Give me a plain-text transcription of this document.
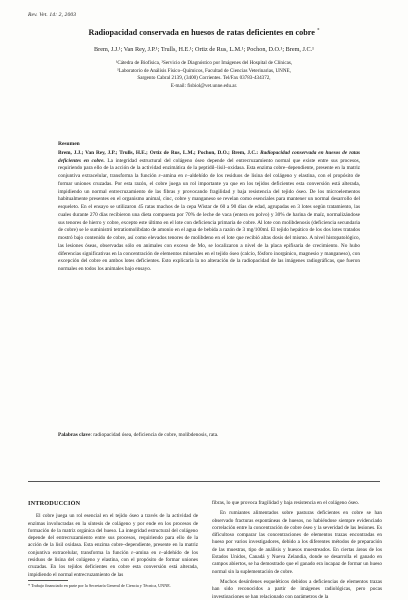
Rev. Vet. 14: 2, 2003
Radiopacidad conservada en huesos de ratas deficientes en cobre *
Brem, J.J.¹; Van Rey, J.P.¹; Trulls, H.E.¹; Ortiz de Rus, L.M.¹; Pochon, D.O.¹; Brem, J.C.¹
¹Cátedra de Biofísica, ²Servicio de Diagnóstico por Imágenes del Hospital de Clínicas,
³Laboratorio de Análisis Físico–Químicos, Facultad de Ciencias Veterinarias, UNNE,
Sargento Cabral 2139, (3400) Corrientes. Tel/Fax 03783-434372,
E-mail: fisbiol@vet.unne.edu.ar.
Resumen
Brem, J.J.; Van Rey, J.P.; Trulls, H.E.; Ortiz de Rus, L.M.; Pochon, D.O.; Brem, J.C.: Radiopacidad conservada en huesos de ratas deficientes en cobre. La integridad estructural del colágeno óseo depende del entrecruzamiento normal que existe entre sus procesos, requiriendo para ello de la acción de la actividad enzimática de la peptidil–lisil–oxidasa. Esta enzima cobre–dependiente, presente en la matriz conjuntiva extracelular, transforma la función ε–amina en ε–aldehído de los residuos de lisina del colágeno y elastina, con el propósito de formar uniones cruzadas. Por esta razón, el cobre juega un rol importante ya que en los tejidos deficientes esta conversión está alterada, impidiendo un normal entrecruzamiento de las fibras y provocando fragilidad y baja resistencia del tejido óseo. De los microelementos habitualmente presentes en el organismo animal, cinc, cobre y manganeso se revelan como esenciales para mantener un normal desarrollo del esqueleto. En el ensayo se utilizaron 45 ratas machos de la cepa Wistar de 60 a 90 días de edad, agrupadas en 3 lotes según tratamiento, las cuales durante 270 días recibieron una dieta compuesta por 70% de leche de vaca (entera en polvo) y 30% de harina de maíz, normalizándose sus tenores de hierro y cobre, excepto este último en el lote con deficiencia primaria de cobre. Al lote con molibdenosis (deficiencia secundaria de cobre) se le suministró tetratiomolibdato de amonio en el agua de bebida a razón de 3 mg/100ml. El tejido hepático de los dos lotes tratados mostró bajo contenido de cobre, así como elevados tenores de molibdeno en el lote que recibió altas dosis del mismo. A nivel histopatológico, las lesiones óseas, observadas sólo en animales con exceso de Mo, se localizaron a nivel de la placa epifisaria de crecimiento. No hubo diferencias significativas en la concentración de elementos minerales en el tejido óseo (calcio, fósforo inorgánico, magnesio y manganeso), con excepción del cobre en ambos lotes deficientes. Esto explicaría la no alteración de la radiopacidad de las imágenes radiográficas, que fueron normales en todos los animales bajo ensayo.
Palabras clave: radiopacidad ósea, deficiencia de cobre, molibdenosis, rata.
INTRODUCCIÓN

El cobre juega un rol esencial en el tejido óseo a través de la actividad de enzimas involucradas en la síntesis de colágeno y por ende en los procesos de formación de la matriz orgánica del hueso. La integridad estructural del colágeno depende del entrecruzamiento entre sus procesos, requiriendo para ello de la acción de la lisil oxidasa. Esta enzima cobre–dependiente, presente en la matriz conjuntiva extracelular, transforma la función ε–amina en ε–aldehído de los residuos de lisina del colágeno y elastina, con el propósito de formar uniones cruzadas. En los tejidos deficientes en cobre esta conversión está alterada, impidiendo el normal entrecruzamiento de las

fibras, lo que provoca fragilidad y baja resistencia en el colágeno óseo.

En rumiantes alimentados sobre pasturas deficientes en cobre se han observado fracturas espontáneas de huesos, no habiéndose siempre evidenciado correlación entre la concentración de cobre óseo y la severidad de las lesiones. Es dificultoso comparar las concentraciones de elementos trazas encontradas en hueso por varios investigadores, debido a los diferentes métodos de preparación de las muestras, tipo de análisis y huesos muestreados. En ciertas áreas de los Estados Unidos, Canadá y Nueva Zelandia, donde se desarrolla el ganado en campos abiertos, se ha demostrado que el ganado era incapaz de formar un hueso normal sin la suplementación de cobre.

Muchos desórdenes esqueléticos debidos a deficiencias de elementos trazas han sido reconocidos a partir de imágenes radiológicas, pero pocas investigaciones se han relacionado con parámetros de la

* Trabajo financiado en parte por la Secretaría General de Ciencia y Técnica, UNNE.
